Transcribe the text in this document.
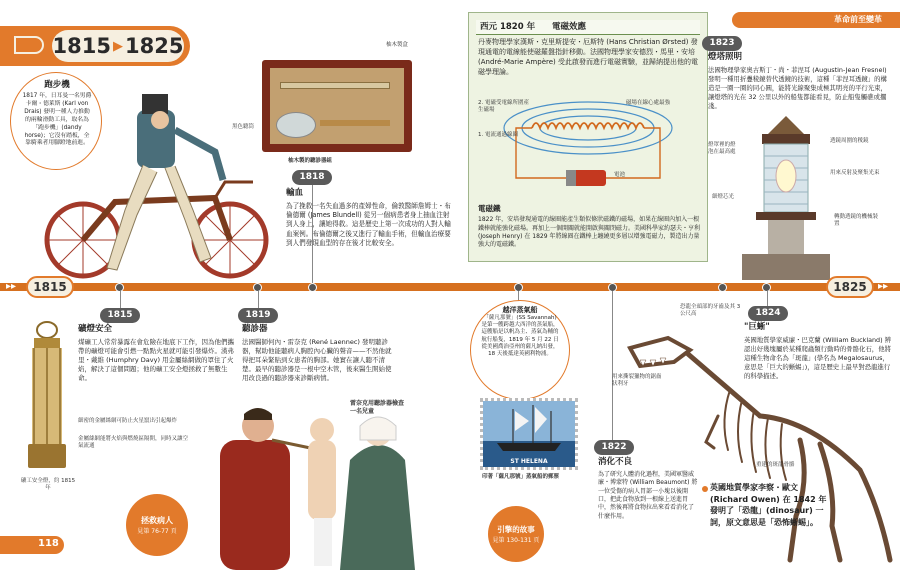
1815 ▶ 1825
革命前至變革
跑步機
1817 年，日耳曼一名男爵卡爾・德萊斯 (Karl von Drais) 發明一種人力推動的兩輪滑動工具，取名為「跑步機」(dandy horse)；它沒有踏板，全靠騎乘者用腳蹬地前進。
柚木製盒
黑色聽筒
柚木製的聽診器組
1818
輸血
為了挽救一名失血過多的產婦性命，倫敦醫師詹姆士・布倫德爾 (James Blundell) 從另一個病患者身上抽血注射到人身上，讓她得救。這是歷史上第一次成功的人對人輸血案例。布倫德爾之後又進行了輸血手術，但輸血治療要到人們發現血型的存在後才比較安全。
西元 1820 年 電磁效應
丹麥物理學家漢斯・克里斯提安・厄斯特 (Hans Christian Ørsted) 發現通電的電線能使磁羅盤指針移動。法國物理學家安德烈・馬里・安培 (André-Marie Ampère) 受此啟發而進行電磁實驗，並歸納提出他的電磁學理論。
磁場在線心處最強
2. 電磁受電線所圍產生磁場
1. 電流通過線圈
電池
電磁鐵
1822 年，安培發現通電的線圈能產生類似條狀磁鐵的磁場，如果在線圈內加入一根鐵棒就能強化磁場。再加上一個開關就能開啟與關閉磁力。美國科學家約瑟夫・亨利 (Joseph Henry) 在 1829 年將線圈在鐵棒上纏繞更多層以增強電磁力，製造出力量強大的電磁鐵。
1823
燈塔照明
法國物理學家奧古斯丁・尚・菲涅耳 (Augustin-Jean Fresnel) 發明一種用折疊稜鏡替代透鏡的技術，這種「菲涅耳透鏡」的構造是一圈一圈的同心圓，能將光線聚集成極其明亮的平行光束，讓燈塔的光在 32 公里以外的船隻都能看見，防止船隻觸礁或擱淺。
燈罩裡的燈泡在最高處
透鏡周圍的稜鏡
用來反射及聚集光束
細燈芯光
轉動透鏡的機械裝置
▸▸	1815	1825	▸▸
1815
礦燈安全
煤礦工人常常暴露在會危險在地底下工作，因為他們攜帶的礦燈可能會引燃一點點火星就可能引發爆炸。漢弗里・戴維 (Humphry Davy) 用金屬絲網做的罩住了火焰，解決了這個問題；他的礦工安全燈拯救了無數生命。
細密的金屬絲網可防止火星竄出引起爆炸
金屬絲網能將火焰與燃燒區隔開，同時又讓空氣流通
礦工安全燈，約 1815 年
拯救病人
見第 76-77 頁
118
1819
聽診器
法國醫師何內・雷奈克 (René Laennec) 發明聽診器，幫助他能聽病人胸腔內心臟的聲音——不然他就得把耳朵緊貼到女患者的胸部。她實在讓人聽不清楚。最早的聽診器是一根中空木管，後來醫生開始使用改良過的聽診器來診斷病情。
雷奈克用聽診器檢查一名兒童
越洋蒸氣船
「薩凡那號」(SS Savannah) 是第一艘跨越大西洋的蒸氣船，這艘船是以帆為主、蒸氣為輔的航行船隻，1819 年 5 月 22 日從美國喬治亞州的薩凡納出發，18 天後抵達英國利物浦。
ST HELENA
印著「薩凡那號」蒸氣船的郵票
引擎的故事
見第 130-131 頁
1822
消化不良
為了研究人體消化過程，美國軍醫威廉・博蒙特 (William Beaumont) 將一位受傷的病人胃部一小塊以後開口，把此食物放到一根線上送進胃中，然後再將食物拉出來看看消化了什麼作用。
1824
"巨蜥"
英國地質學家威廉・巴克蘭 (William Buckland) 辨認出好幾塊屬於某種爬蟲類行動時的骨骼化石，他將這種生物命名為「斑龍」(學名為 Megalosaurus，意思是「巨大的蜥蜴」)，這是歷史上最早對恐龍進行的科學描述。
恐龍全頭部的牙齒及其 3 公尺高
用來撕裂獵物的鋸齒狀利牙
重建的斑龍骨骼
英國地質學家李察・歐文 (Richard Owen) 在 1842 年發明了「恐龍」(dinosaur) 一詞，原文意思是「恐怖蜥蜴」。
